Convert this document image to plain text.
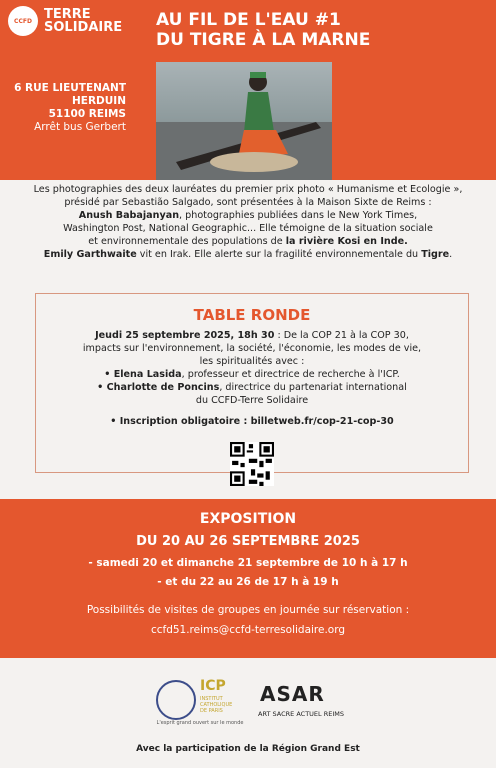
CCFD TERRE
SOLIDAIRE AU FIL DE L'EAU #1
DU TIGRE À LA MARNE
6 RUE LIEUTENANT
HERDUIN
51100 REIMS
Arrêt bus Gerbert
Les photographies des deux lauréates du premier prix photo « Humanisme et Ecologie »,
présidé par Sebastião Salgado, sont présentées à la Maison Sixte de Reims :
Anush Babajanyan, photographies publiées dans le New York Times,
Washington Post, National Geographic... Elle témoigne de la situation sociale
et environnementale des populations de la rivière Kosi en Inde.
Emily Garthwaite vit en Irak. Elle alerte sur la fragilité environnementale du Tigre.
TABLE RONDE
Jeudi 25 septembre 2025, 18h 30 : De la COP 21 à la COP 30,
impacts sur l'environnement, la société, l'économie, les modes de vie,
les spiritualités avec :
• Elena Lasida, professeur et directrice de recherche à l'ICP.
• Charlotte de Poncins, directrice du partenariat international
du CCFD-Terre Solidaire
• Inscription obligatoire : billetweb.fr/cop-21-cop-30
EXPOSITION
DU 20 AU 26 SEPTEMBRE 2025
- samedi 20 et dimanche 21 septembre de 10 h à 17 h
- et du 22 au 26 de 17 h à 19 h
Possibilités de visites de groupes en journée sur réservation :
ccfd51.reims@ccfd-terresolidaire.org
ICP
INSTITUT CATHOLIQUE DE PARIS
L'esprit grand ouvert sur le monde
ASAR
ART SACRE ACTUEL REIMS
Avec la participation de la Région Grand Est
